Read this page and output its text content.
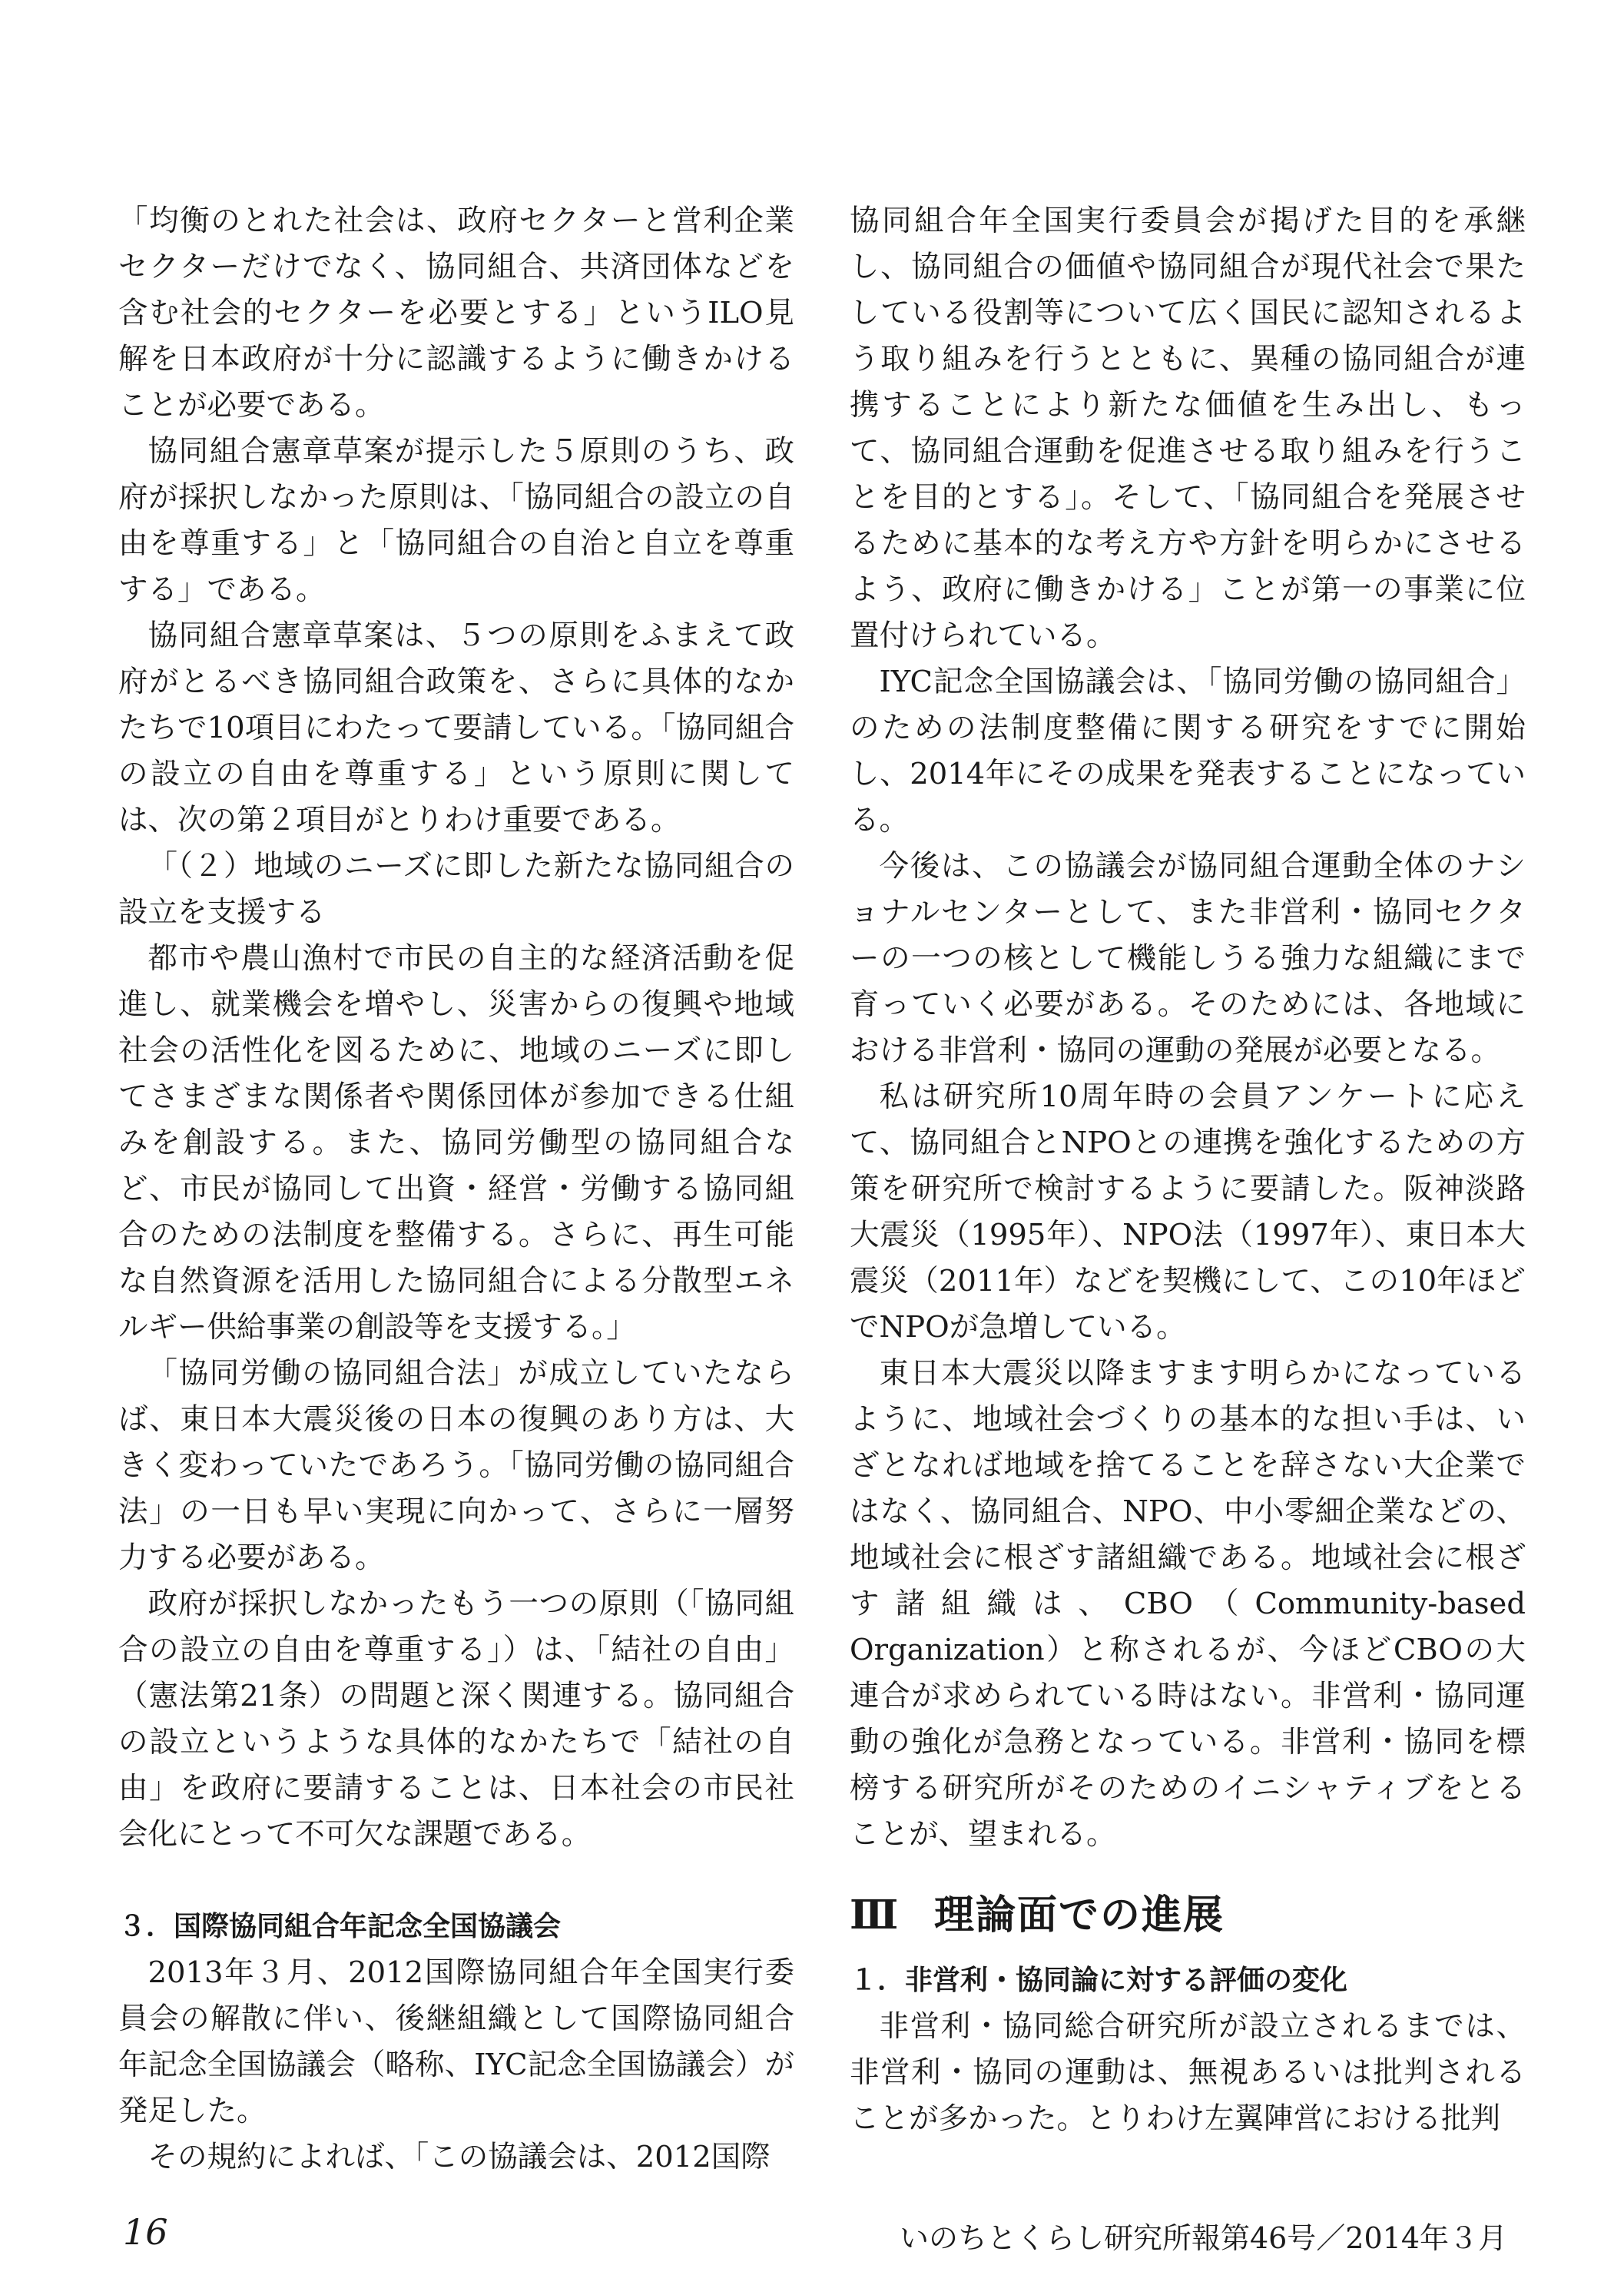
「均衡のとれた社会は、政府セクターと営利企業セクターだけでなく、協同組合、共済団体などを含む社会的セクターを必要とする」というILO見解を日本政府が十分に認識するように働きかけることが必要である。

協同組合憲章草案が提示した５原則のうち、政府が採択しなかった原則は、「協同組合の設立の自由を尊重する」と「協同組合の自治と自立を尊重する」である。

協同組合憲章草案は、５つの原則をふまえて政府がとるべき協同組合政策を、さらに具体的なかたちで10項目にわたって要請している。「協同組合の設立の自由を尊重する」という原則に関しては、次の第２項目がとりわけ重要である。

「（２）地域のニーズに即した新たな協同組合の設立を支援する

都市や農山漁村で市民の自主的な経済活動を促進し、就業機会を増やし、災害からの復興や地域社会の活性化を図るために、地域のニーズに即してさまざまな関係者や関係団体が参加できる仕組みを創設する。また、協同労働型の協同組合など、市民が協同して出資・経営・労働する協同組合のための法制度を整備する。さらに、再生可能な自然資源を活用した協同組合による分散型エネルギー供給事業の創設等を支援する。」

「協同労働の協同組合法」が成立していたならば、東日本大震災後の日本の復興のあり方は、大きく変わっていたであろう。「協同労働の協同組合法」の一日も早い実現に向かって、さらに一層努力する必要がある。

政府が採択しなかったもう一つの原則（「協同組合の設立の自由を尊重する」）は、「結社の自由」（憲法第21条）の問題と深く関連する。協同組合の設立というような具体的なかたちで「結社の自由」を政府に要請することは、日本社会の市民社会化にとって不可欠な課題である。

３．国際協同組合年記念全国協議会

2013年３月、2012国際協同組合年全国実行委員会の解散に伴い、後継組織として国際協同組合年記念全国協議会（略称、IYC記念全国協議会）が発足した。

その規約によれば、「この協議会は、2012国際

協同組合年全国実行委員会が掲げた目的を承継し、協同組合の価値や協同組合が現代社会で果たしている役割等について広く国民に認知されるよう取り組みを行うとともに、異種の協同組合が連携することにより新たな価値を生み出し、もって、協同組合運動を促進させる取り組みを行うことを目的とする」。そして、「協同組合を発展させるために基本的な考え方や方針を明らかにさせるよう、政府に働きかける」ことが第一の事業に位置付けられている。

IYC記念全国協議会は、「協同労働の協同組合」のための法制度整備に関する研究をすでに開始し、2014年にその成果を発表することになっている。

今後は、この協議会が協同組合運動全体のナショナルセンターとして、また非営利・協同セクターの一つの核として機能しうる強力な組織にまで育っていく必要がある。そのためには、各地域における非営利・協同の運動の発展が必要となる。

私は研究所10周年時の会員アンケートに応えて、協同組合とNPOとの連携を強化するための方策を研究所で検討するように要請した。阪神淡路大震災（1995年）、NPO法（1997年）、東日本大震災（2011年）などを契機にして、この10年ほどでNPOが急増している。

東日本大震災以降ますます明らかになっているように、地域社会づくりの基本的な担い手は、いざとなれば地域を捨てることを辞さない大企業ではなく、協同組合、NPO、中小零細企業などの、地域社会に根ざす諸組織である。地域社会に根ざす諸組織は、CBO（Community-based Organization）と称されるが、今ほどCBOの大連合が求められている時はない。非営利・協同運動の強化が急務となっている。非営利・協同を標榜する研究所がそのためのイニシャティブをとることが、望まれる。

Ⅲ 理論面での進展

１．非営利・協同論に対する評価の変化

非営利・協同総合研究所が設立されるまでは、非営利・協同の運動は、無視あるいは批判されることが多かった。とりわけ左翼陣営における批判

16	いのちとくらし研究所報第46号／2014年３月
